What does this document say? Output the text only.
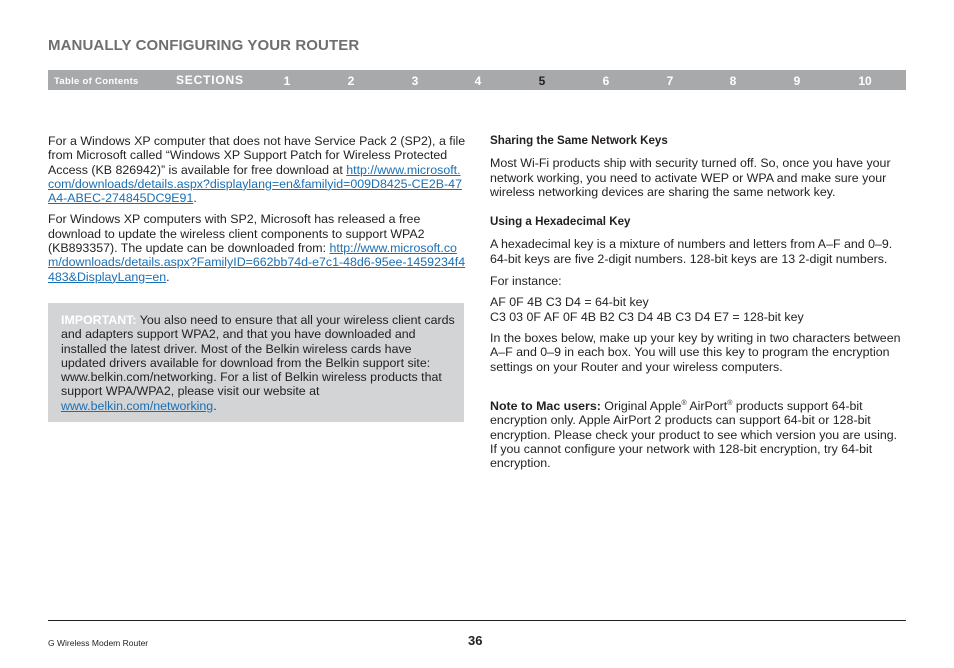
MANUALLY CONFIGURING YOUR ROUTER
Table of Contents	SECTIONS	1	2	3	4	5	6	7	8	9	10

For a Windows XP computer that does not have Service Pack 2 (SP2), a file from Microsoft called “Windows XP Support Patch for Wireless Protected Access (KB 826942)” is available for free download at http://www.microsoft.com/downloads/details.aspx?displaylang=en&familyid=009D8425-CE2B-47A4-ABEC-274845DC9E91.

For Windows XP computers with SP2, Microsoft has released a free download to update the wireless client components to support WPA2 (KB893357). The update can be downloaded from: http://www.microsoft.com/downloads/details.aspx?FamilyID=662bb74d-e7c1-48d6-95ee-1459234f4483&DisplayLang=en.

IMPORTANT: You also need to ensure that all your wireless client cards and adapters support WPA2, and that you have downloaded and installed the latest driver. Most of the Belkin wireless cards have updated drivers available for download from the Belkin support site: www.belkin.com/networking. For a list of Belkin wireless products that support WPA/WPA2, please visit our website at www.belkin.com/networking.

Sharing the Same Network Keys

Most Wi-Fi products ship with security turned off. So, once you have your network working, you need to activate WEP or WPA and make sure your wireless networking devices are sharing the same network key.

Using a Hexadecimal Key

A hexadecimal key is a mixture of numbers and letters from A–F and 0–9. 64-bit keys are five 2-digit numbers. 128-bit keys are 13 2-digit numbers.

For instance:

AF 0F 4B C3 D4 = 64-bit key

C3 03 0F AF 0F 4B B2 C3 D4 4B C3 D4 E7 = 128-bit key

In the boxes below, make up your key by writing in two characters between A–F and 0–9 in each box. You will use this key to program the encryption settings on your Router and your wireless computers.

Note to Mac users: Original Apple® AirPort® products support 64-bit encryption only. Apple AirPort 2 products can support 64-bit or 128-bit encryption. Please check your product to see which version you are using. If you cannot configure your network with 128-bit encryption, try 64-bit encryption.

G Wireless Modem Router	36
